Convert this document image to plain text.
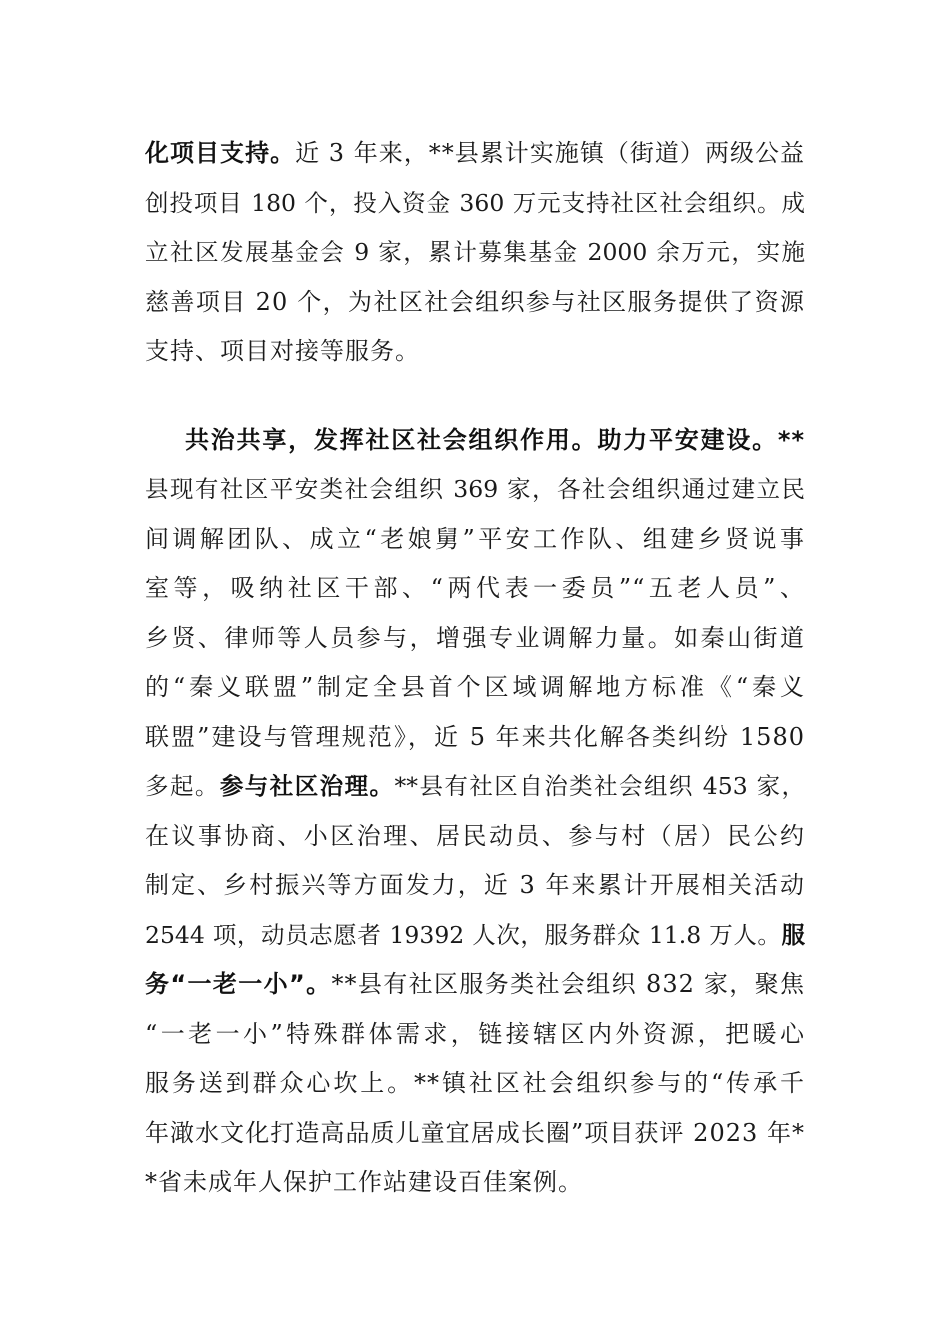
化项目支持。近 3 年来，**县累计实施镇（街道）两级公益
创投项目 180 个，投入资金 360 万元支持社区社会组织。成
立社区发展基金会 9 家，累计募集基金 2000 余万元，实施
慈善项目 20 个，为社区社会组织参与社区服务提供了资源
支持、项目对接等服务。
共治共享，发挥社区社会组织作用。助力平安建设。**
县现有社区平安类社会组织 369 家，各社会组织通过建立民
间调解团队、成立“老娘舅”平安工作队、组建乡贤说事
室等，吸纳社区干部、“两代表一委员”“五老人员”、
乡贤、律师等人员参与，增强专业调解力量。如秦山街道
的“秦义联盟”制定全县首个区域调解地方标准《“秦义
联盟”建设与管理规范》，近 5 年来共化解各类纠纷 1580
多起。参与社区治理。**县有社区自治类社会组织 453 家，
在议事协商、小区治理、居民动员、参与村（居）民公约
制定、乡村振兴等方面发力，近 3 年来累计开展相关活动
2544 项，动员志愿者 19392 人次，服务群众 11.8 万人。服
务“一老一小”。**县有社区服务类社会组织 832 家，聚焦
“一老一小”特殊群体需求，链接辖区内外资源，把暖心
服务送到群众心坎上。**镇社区社会组织参与的“传承千
年澉水文化打造高品质儿童宜居成长圈”项目获评 2023 年*
*省未成年人保护工作站建设百佳案例。
